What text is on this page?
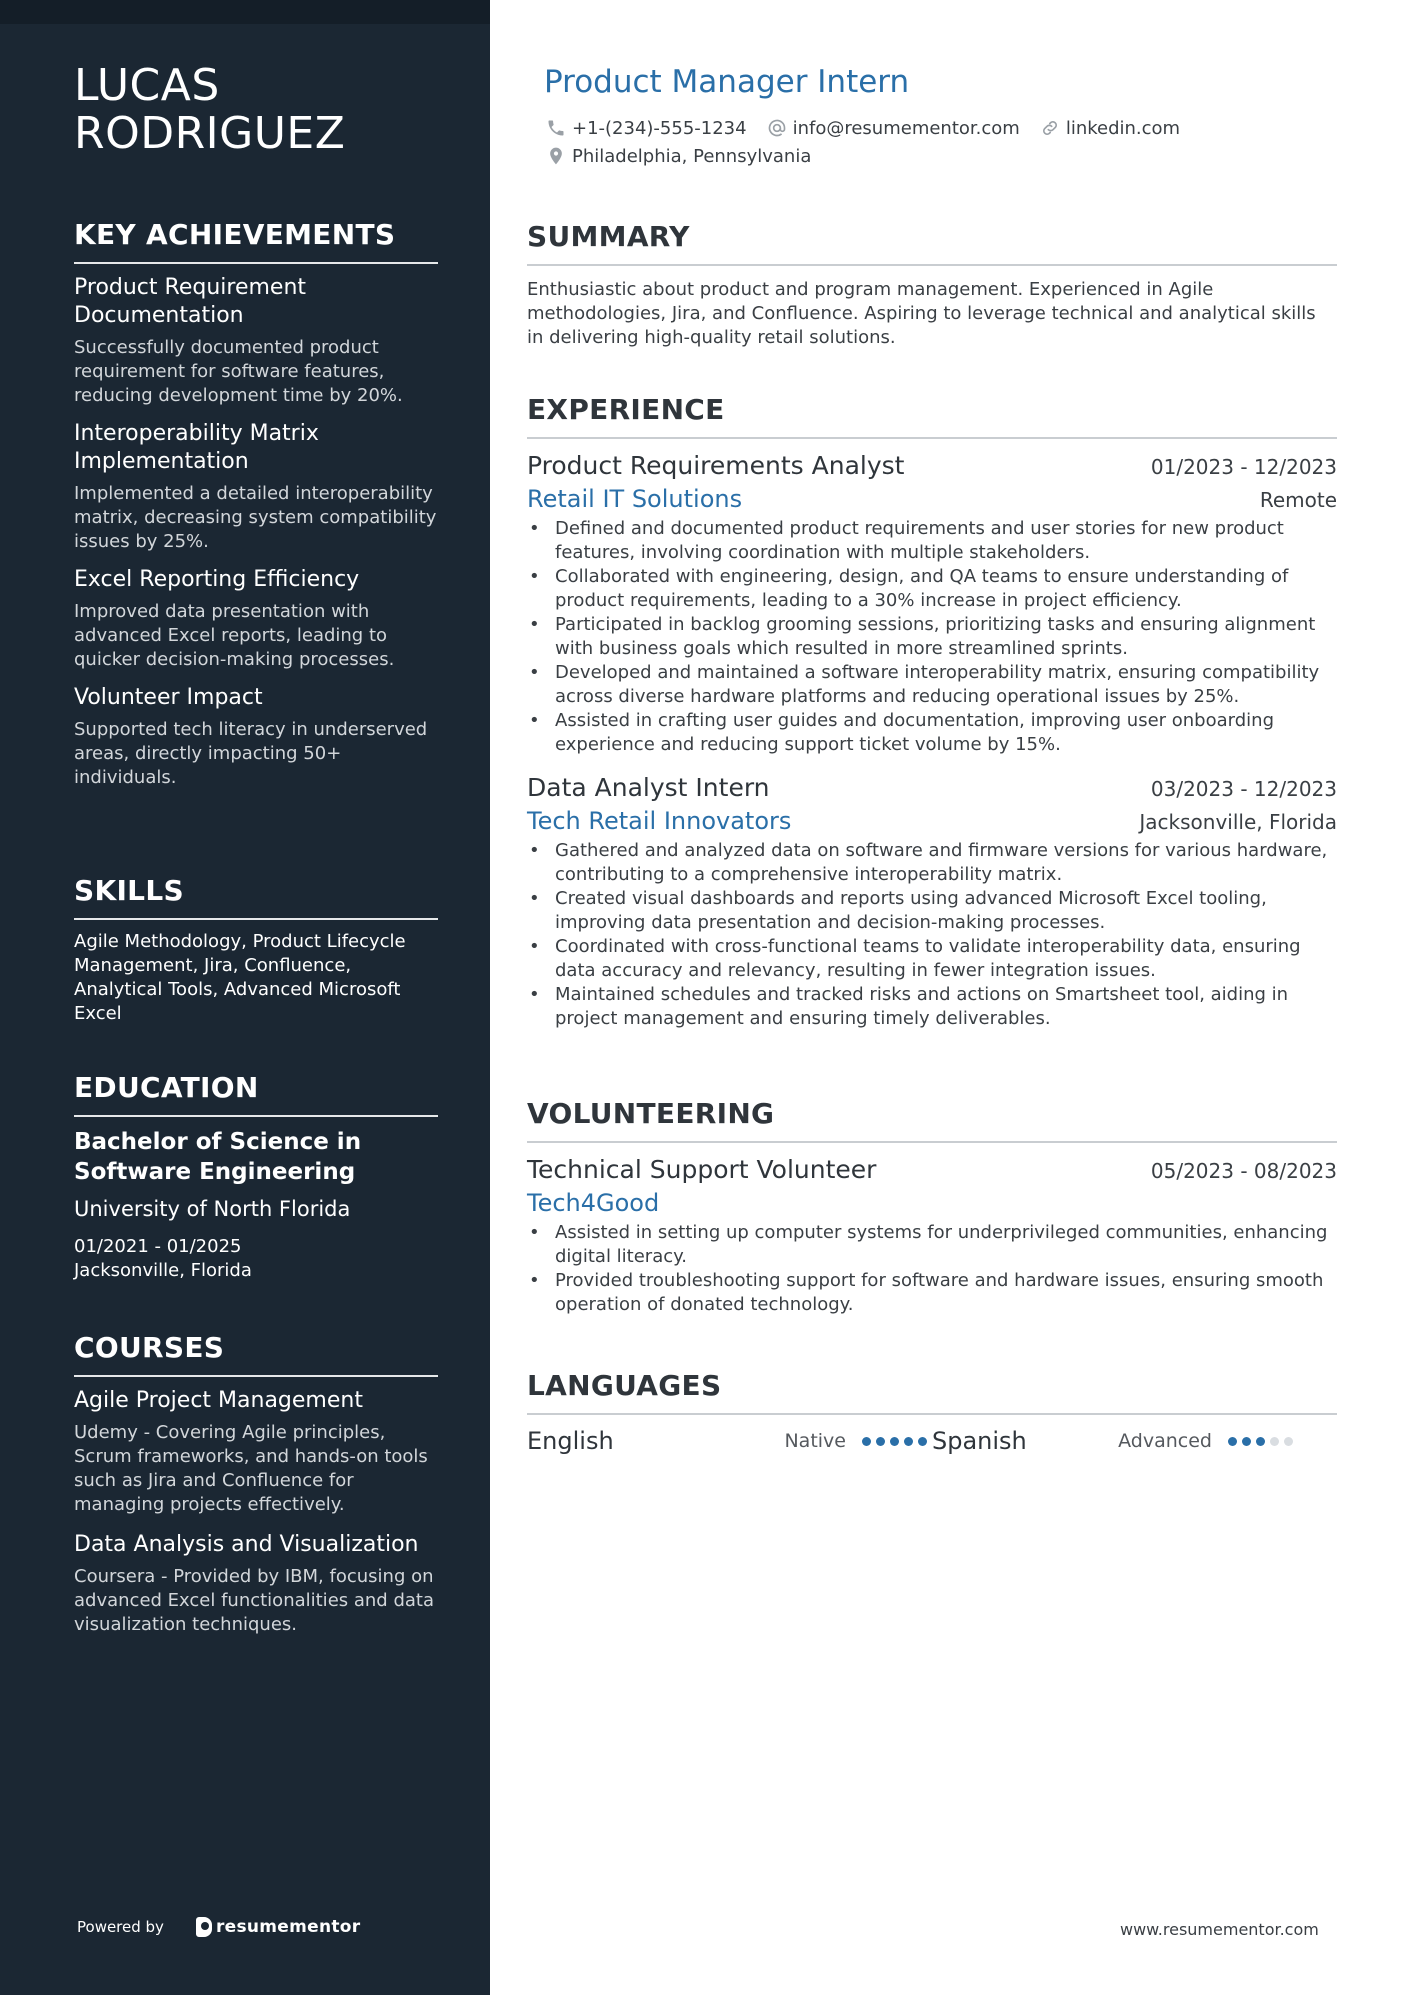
LUCAS
RODRIGUEZ
KEY ACHIEVEMENTS
Product Requirement Documentation
Successfully documented product requirement for software features, reducing development time by 20%.
Interoperability Matrix Implementation
Implemented a detailed interoperability matrix, decreasing system compatibility issues by 25%.
Excel Reporting Efficiency
Improved data presentation with advanced Excel reports, leading to quicker decision-making processes.
Volunteer Impact
Supported tech literacy in underserved areas, directly impacting 50+ individuals.
SKILLS
Agile Methodology, Product Lifecycle Management, Jira, Confluence, Analytical Tools, Advanced Microsoft Excel
EDUCATION
Bachelor of Science in Software Engineering
University of North Florida
01/2021 - 01/2025
Jacksonville, Florida
COURSES
Agile Project Management
Udemy - Covering Agile principles, Scrum frameworks, and hands-on tools such as Jira and Confluence for managing projects effectively.
Data Analysis and Visualization
Coursera - Provided by IBM, focusing on advanced Excel functionalities and data visualization techniques.
Powered by	resumementor
Product Manager Intern
+1-(234)-555-1234	info@resumementor.com	linkedin.com
Philadelphia, Pennsylvania
SUMMARY

Enthusiastic about product and program management. Experienced in Agile methodologies, Jira, and Confluence. Aspiring to leverage technical and analytical skills in delivering high-quality retail solutions.

EXPERIENCE
Product Requirements Analyst	01/2023 - 12/2023
Retail IT Solutions	Remote
• Defined and documented product requirements and user stories for new product features, involving coordination with multiple stakeholders.
• Collaborated with engineering, design, and QA teams to ensure understanding of product requirements, leading to a 30% increase in project efficiency.
• Participated in backlog grooming sessions, prioritizing tasks and ensuring alignment with business goals which resulted in more streamlined sprints.
• Developed and maintained a software interoperability matrix, ensuring compatibility across diverse hardware platforms and reducing operational issues by 25%.
• Assisted in crafting user guides and documentation, improving user onboarding experience and reducing support ticket volume by 15%.
Data Analyst Intern	03/2023 - 12/2023
Tech Retail Innovators	Jacksonville, Florida
• Gathered and analyzed data on software and firmware versions for various hardware, contributing to a comprehensive interoperability matrix.
• Created visual dashboards and reports using advanced Microsoft Excel tooling, improving data presentation and decision-making processes.
• Coordinated with cross-functional teams to validate interoperability data, ensuring data accuracy and relevancy, resulting in fewer integration issues.
• Maintained schedules and tracked risks and actions on Smartsheet tool, aiding in project management and ensuring timely deliverables.
VOLUNTEERING
Technical Support Volunteer	05/2023 - 08/2023
Tech4Good
• Assisted in setting up computer systems for underprivileged communities, enhancing digital literacy.
• Provided troubleshooting support for software and hardware issues, ensuring smooth operation of donated technology.
LANGUAGES
English	Native	Spanish	Advanced
www.resumementor.com
